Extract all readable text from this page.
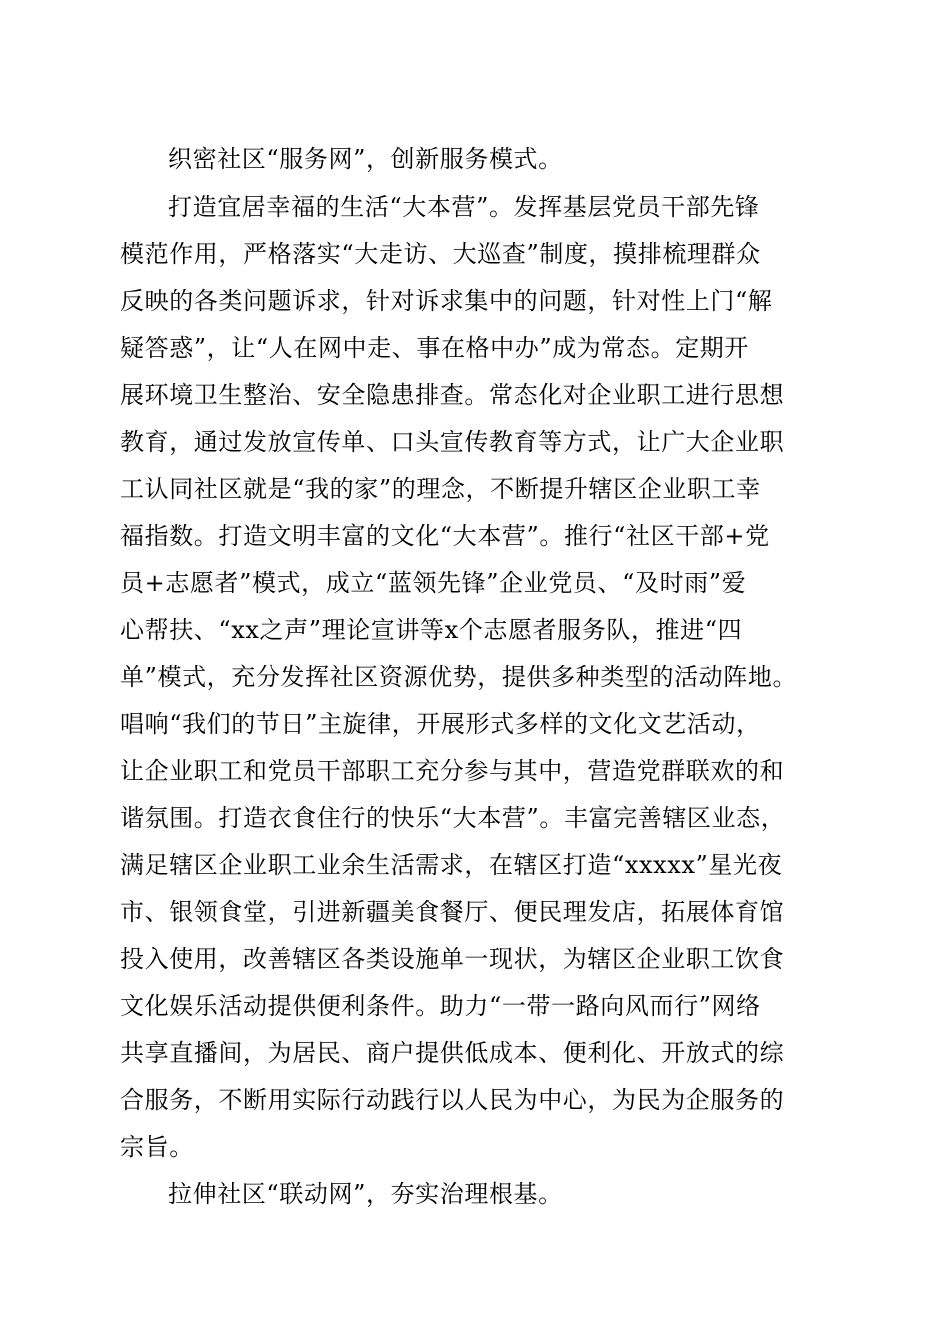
织密社区“服务网”，创新服务模式。
打造宜居幸福的生活“大本营”。发挥基层党员干部先锋
模范作用，严格落实“大走访、大巡查”制度，摸排梳理群众
反映的各类问题诉求，针对诉求集中的问题，针对性上门“解
疑答惑”，让“人在网中走、事在格中办”成为常态。定期开
展环境卫生整治、安全隐患排查。常态化对企业职工进行思想
教育，通过发放宣传单、口头宣传教育等方式，让广大企业职
工认同社区就是“我的家”的理念，不断提升辖区企业职工幸
福指数。打造文明丰富的文化“大本营”。推行“社区干部+党
员+志愿者”模式，成立“蓝领先锋”企业党员、“及时雨”爱
心帮扶、“xx之声”理论宣讲等x个志愿者服务队，推进“四
单”模式，充分发挥社区资源优势，提供多种类型的活动阵地。
唱响“我们的节日”主旋律，开展形式多样的文化文艺活动，
让企业职工和党员干部职工充分参与其中，营造党群联欢的和
谐氛围。打造衣食住行的快乐“大本营”。丰富完善辖区业态，
满足辖区企业职工业余生活需求，在辖区打造“xxxxx”星光夜
市、银领食堂，引进新疆美食餐厅、便民理发店，拓展体育馆
投入使用，改善辖区各类设施单一现状，为辖区企业职工饮食
文化娱乐活动提供便利条件。助力“一带一路向风而行”网络
共享直播间，为居民、商户提供低成本、便利化、开放式的综
合服务，不断用实际行动践行以人民为中心，为民为企服务的
宗旨。
拉伸社区“联动网”，夯实治理根基。
